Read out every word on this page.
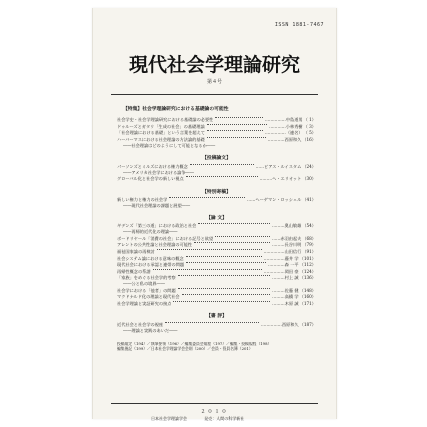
ISSN 1881-7467
現代社会学理論研究
第４号
【特集】社会学理論研究における基礎論の可能性
社会学史・社会学理論研究における基礎論の必要性	……………中島道男 （ 1）
ドゥルーズとガタリ「生成の社会」の基礎理論	…………小林秀樹 （ 3）
「社会理論における基礎」という言葉を超えて	……………（連名） （ 5）
ハーバーマスにおける社会理論の方法論的基礎	…………西原和久 （16）
――社会理論はどのようにして可能となるか――
【投稿論文】
パーソンズとミルズにおける権力概念	……ピアス・ルイスタム （24）
――アメリカ社会学における論争――
グローバル化と社会学の新しい視点	………ヘ・エリオット （30）
【特別寄稿】
新しい権力と権力の社会学	……ヘーゲマン・ロッシェル （41）
――現代社会理論の課題と展望――
【論 文】
ギデンズ「第三の道」における政治と社会	………奥山敏雄 （54）
――再帰的近代化の理論――
ボードリヤール「消費の社会」における記号と欲望	……赤羽由起夫 （68）
アレントの公共性論と社会理論の可能性	………長谷川明 （79）
福祉国家論の再検討	……………山田信行 （91）
社会システム論における意味の概念	……………藤井 学 （101）
現代社会における承認と連帯の問題	…………森 一平 （112）
再帰性概念の系譜	……………岡田 豪 （124）
「家族」をめぐる社会学的考察	………村上 誠 （136）
――公と私の境界――
社会学における「他者」の問題	………佐藤 健 （148）
マクドナルド化の理論と現代社会	………高橋 学 （160）
社会学理論と実証研究の接点	………木原 誠 （171）
【書 評】
近代社会と社会学の視座	……………西原和久 （187）
――理論と実践のあいだ――
投稿規定（194）／執筆要領（196）／編集委員会規程（197）／編集・投稿規程（198）
編集後記（199）／日本社会学理論学会会則（200）／会員・役員名簿（201）
２０１０
日本社会学理論学会	発売：人間の科学新社
